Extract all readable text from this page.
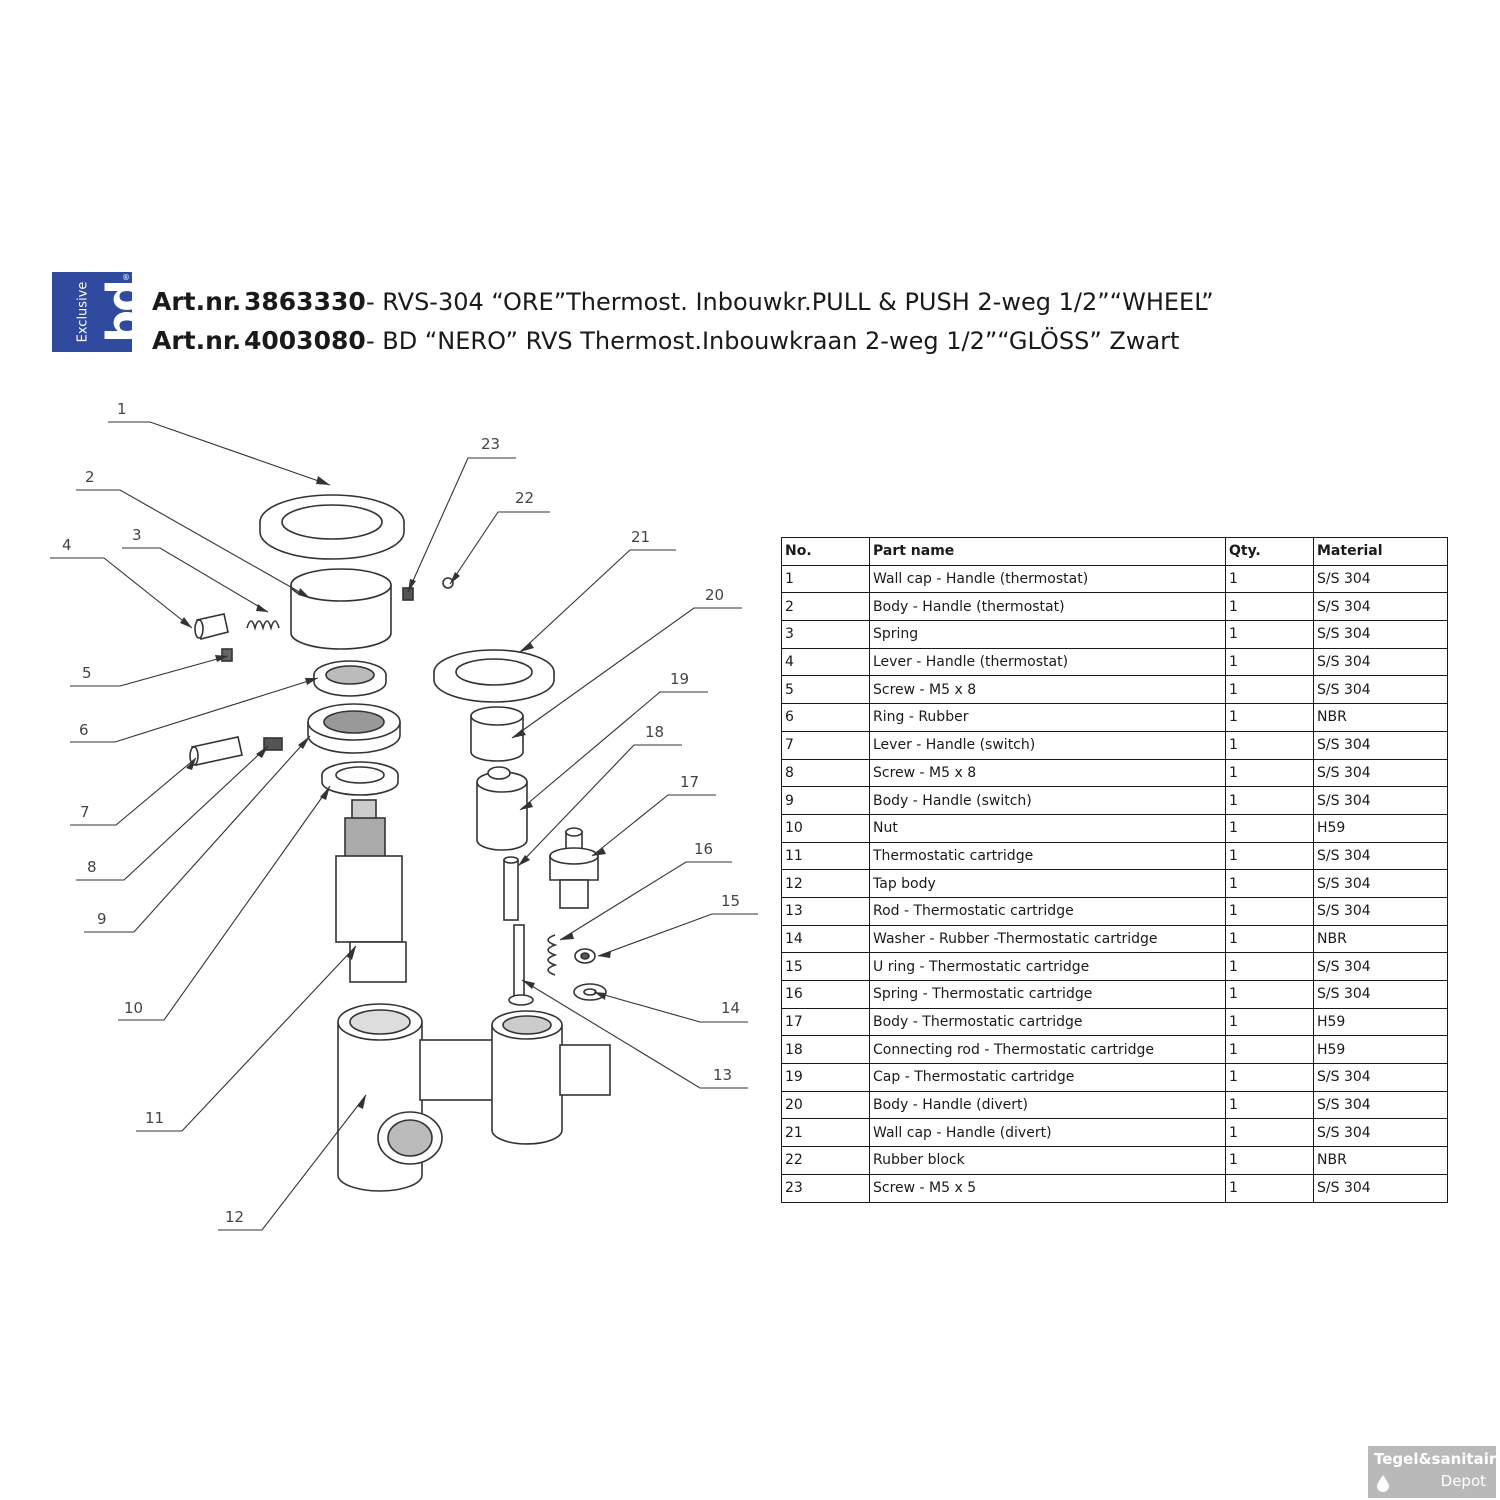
®
Exclusive bd Art.nr. 3863330- RVS-304 “ORE”Thermost. Inbouwkr.PULL & PUSH 2-weg 1/2”“WHEEL”
Art.nr. 4003080- BD “NERO” RVS Thermost.Inbouwkraan 2-weg 1/2”“GLÖSS” Zwart
1
2
3
4
5
6
7
8
9
10
11
12
13
14
15
16
17
18
19
20
21
22
23
No.	Part name	Qty.	Material
1	Wall cap - Handle (thermostat)	1	S/S 304
2	Body - Handle (thermostat)	1	S/S 304
3	Spring	1	S/S 304
4	Lever - Handle (thermostat)	1	S/S 304
5	Screw - M5 x 8	1	S/S 304
6	Ring - Rubber	1	NBR
7	Lever - Handle (switch)	1	S/S 304
8	Screw - M5 x 8	1	S/S 304
9	Body - Handle (switch)	1	S/S 304
10	Nut	1	H59
11	Thermostatic cartridge	1	S/S 304
12	Tap body	1	S/S 304
13	Rod - Thermostatic cartridge	1	S/S 304
14	Washer - Rubber -Thermostatic cartridge	1	NBR
15	U ring - Thermostatic cartridge	1	S/S 304
16	Spring - Thermostatic cartridge	1	S/S 304
17	Body - Thermostatic cartridge	1	H59
18	Connecting rod - Thermostatic cartridge	1	H59
19	Cap - Thermostatic cartridge	1	S/S 304
20	Body - Handle (divert)	1	S/S 304
21	Wall cap - Handle (divert)	1	S/S 304
22	Rubber block	1	NBR
23	Screw - M5 x 5	1	S/S 304
Tegel&sanitair
Depot
